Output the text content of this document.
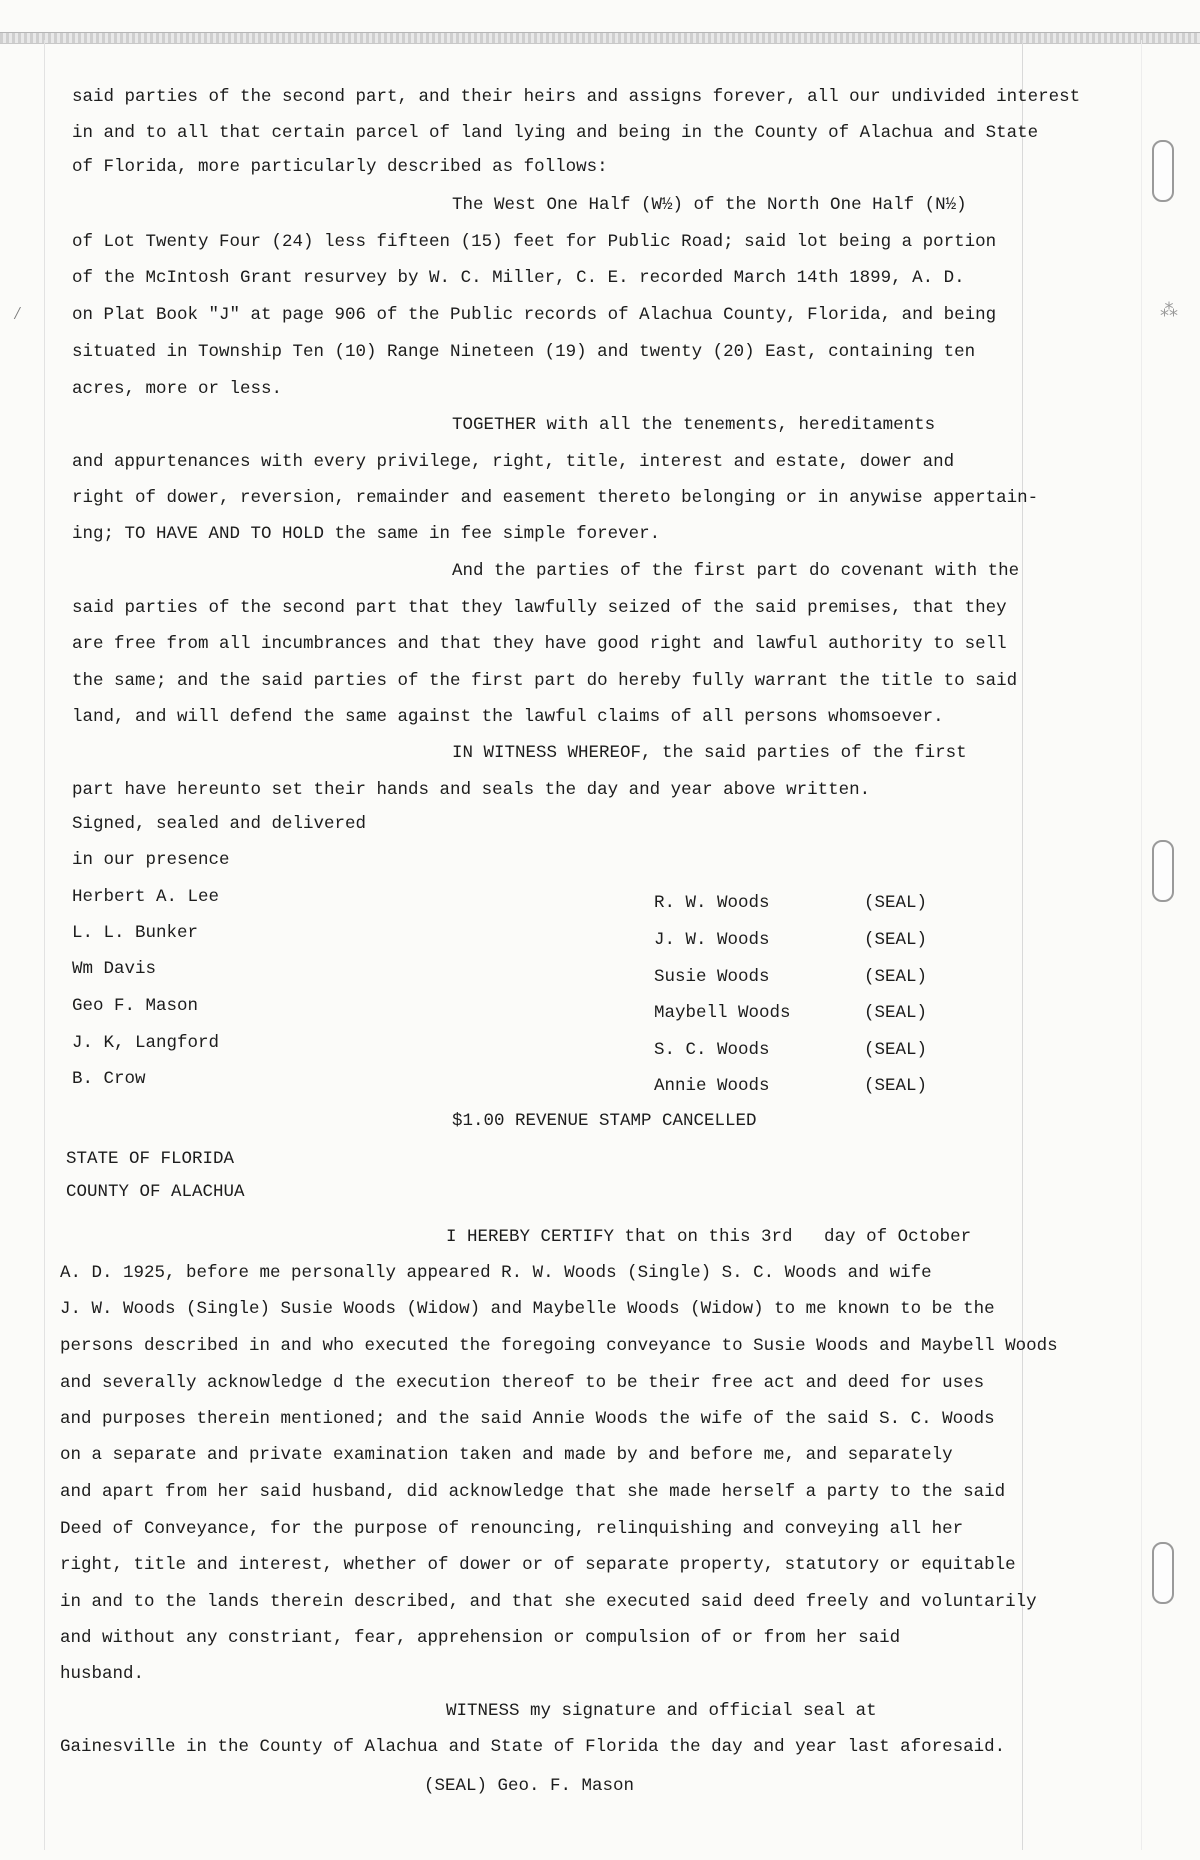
⁄	⁂
said parties of the second part, and their heirs and assigns forever, all our undivided interest
in and to all that certain parcel of land lying and being in the County of Alachua and State
of Florida, more particularly described as follows:
The West One Half (W½) of the North One Half (N½)
of Lot Twenty Four (24) less fifteen (15) feet for Public Road; said lot being a portion
of the McIntosh Grant resurvey by W. C. Miller, C. E. recorded March 14th 1899, A. D.
on Plat Book "J" at page 906 of the Public records of Alachua County, Florida, and being
situated in Township Ten (10) Range Nineteen (19) and twenty (20) East, containing ten
acres, more or less.
TOGETHER with all the tenements, hereditaments
and appurtenances with every privilege, right, title, interest and estate, dower and
right of dower, reversion, remainder and easement thereto belonging or in anywise appertain-
ing; TO HAVE AND TO HOLD the same in fee simple forever.
And the parties of the first part do covenant with the
said parties of the second part that they lawfully seized of the said premises, that they
are free from all incumbrances and that they have good right and lawful authority to sell
the same; and the said parties of the first part do hereby fully warrant the title to said
land, and will defend the same against the lawful claims of all persons whomsoever.
IN WITNESS WHEREOF, the said parties of the first
part have hereunto set their hands and seals the day and year above written.
Signed, sealed and delivered
in our presence
Herbert A. Lee
L. L. Bunker
Wm Davis
Geo F. Mason
J. K, Langford
B. Crow
R. W. Woods
J. W. Woods
Susie Woods
Maybell Woods
S. C. Woods
Annie Woods
(SEAL)
(SEAL)
(SEAL)
(SEAL)
(SEAL)
(SEAL)
$1.00 REVENUE STAMP CANCELLED
STATE OF FLORIDA
COUNTY OF ALACHUA
I HEREBY CERTIFY that on this 3rd   day of October
A. D. 1925, before me personally appeared R. W. Woods (Single) S. C. Woods and wife
J. W. Woods (Single) Susie Woods (Widow) and Maybelle Woods (Widow) to me known to be the
persons described in and who executed the foregoing conveyance to Susie Woods and Maybell Woods
and severally acknowledge d the execution thereof to be their free act and deed for uses
and purposes therein mentioned; and the said Annie Woods the wife of the said S. C. Woods
on a separate and private examination taken and made by and before me, and separately
and apart from her said husband, did acknowledge that she made herself a party to the said
Deed of Conveyance, for the purpose of renouncing, relinquishing and conveying all her
right, title and interest, whether of dower or of separate property, statutory or equitable
in and to the lands therein described, and that she executed said deed freely and voluntarily
and without any constriant, fear, apprehension or compulsion of or from her said
husband.
WITNESS my signature and official seal at
Gainesville in the County of Alachua and State of Florida the day and year last aforesaid.
(SEAL) Geo. F. Mason
